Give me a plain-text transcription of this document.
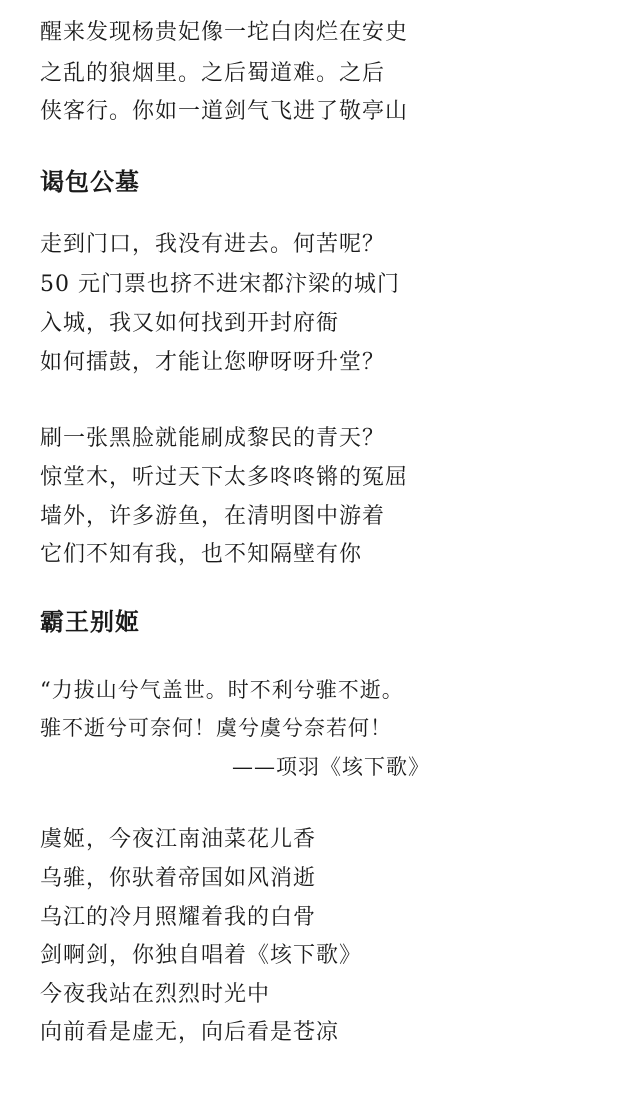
醒来发现杨贵妃像一坨白肉烂在安史
之乱的狼烟里。之后蜀道难。之后
侠客行。你如一道剑气飞进了敬亭山
谒包公墓
走到门口，我没有进去。何苦呢？
50 元门票也挤不进宋都汴梁的城门
入城，我又如何找到开封府衙
如何擂鼓，才能让您咿呀呀升堂？
刷一张黑脸就能刷成黎民的青天？
惊堂木，听过天下太多咚咚锵的冤屈
墙外，许多游鱼，在清明图中游着
它们不知有我，也不知隔壁有你
霸王别姬
“力拔山兮气盖世。时不利兮骓不逝。
骓不逝兮可奈何！虞兮虞兮奈若何！
——项羽《垓下歌》
虞姬，今夜江南油菜花儿香
乌骓，你驮着帝国如风消逝
乌江的冷月照耀着我的白骨
剑啊剑，你独自唱着《垓下歌》
今夜我站在烈烈时光中
向前看是虚无，向后看是苍凉
